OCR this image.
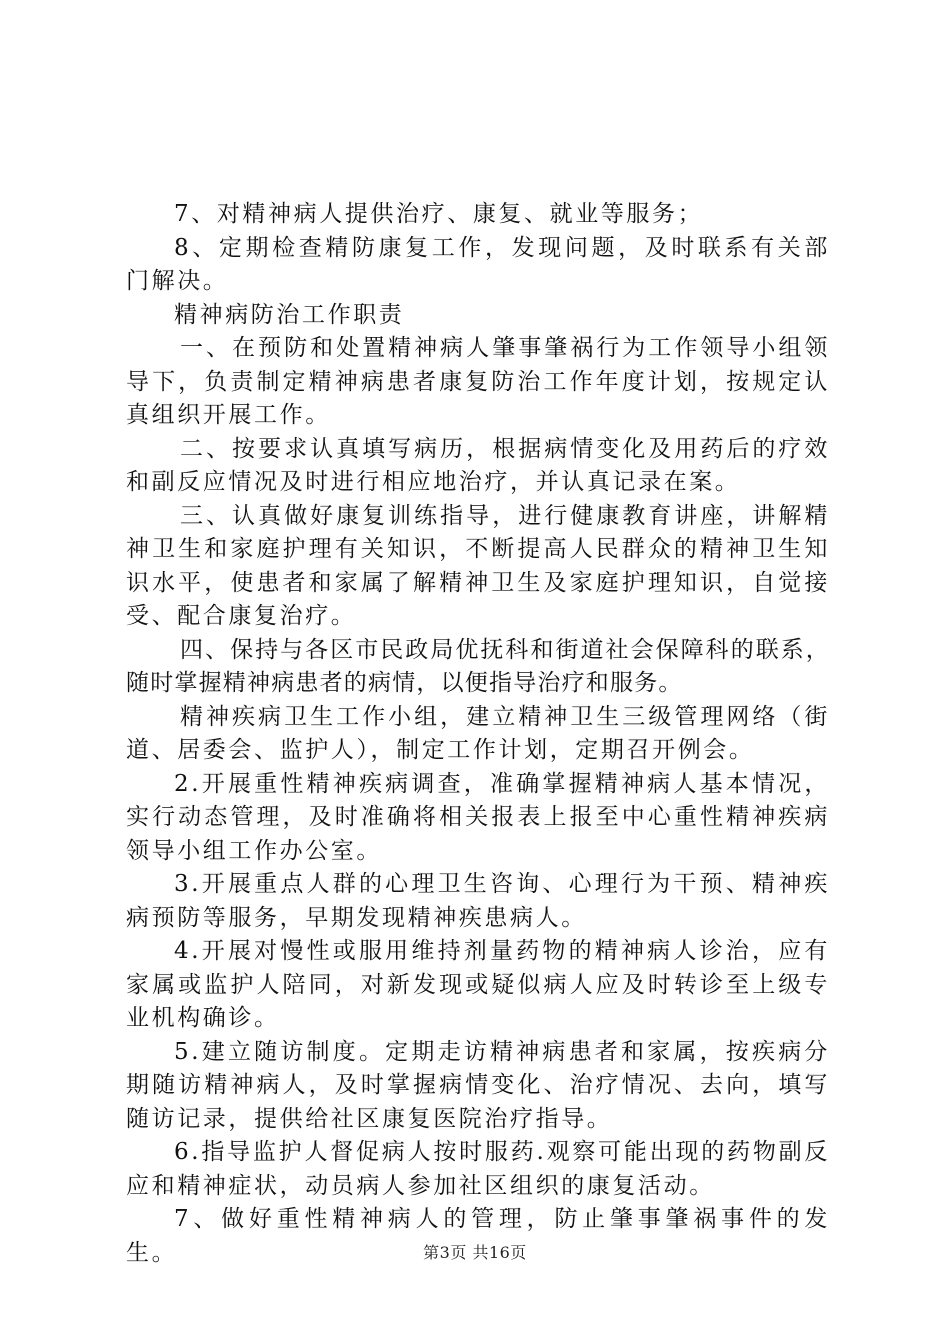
7、对精神病人提供治疗、康复、就业等服务；

8、定期检查精防康复工作，发现问题，及时联系有关部门解决。

精神病防治工作职责

一、在预防和处置精神病人肇事肇祸行为工作领导小组领导下，负责制定精神病患者康复防治工作年度计划，按规定认真组织开展工作。

二、按要求认真填写病历，根据病情变化及用药后的疗效和副反应情况及时进行相应地治疗，并认真记录在案。

三、认真做好康复训练指导，进行健康教育讲座，讲解精神卫生和家庭护理有关知识，不断提高人民群众的精神卫生知识水平，使患者和家属了解精神卫生及家庭护理知识，自觉接受、配合康复治疗。

四、保持与各区市民政局优抚科和街道社会保障科的联系，随时掌握精神病患者的病情，以便指导治疗和服务。

精神疾病卫生工作小组，建立精神卫生三级管理网络（街道、居委会、监护人），制定工作计划，定期召开例会。

2.开展重性精神疾病调查，准确掌握精神病人基本情况，实行动态管理，及时准确将相关报表上报至中心重性精神疾病领导小组工作办公室。

3.开展重点人群的心理卫生咨询、心理行为干预、精神疾病预防等服务，早期发现精神疾患病人。

4.开展对慢性或服用维持剂量药物的精神病人诊治，应有家属或监护人陪同，对新发现或疑似病人应及时转诊至上级专业机构确诊。

5.建立随访制度。定期走访精神病患者和家属，按疾病分期随访精神病人，及时掌握病情变化、治疗情况、去向，填写随访记录，提供给社区康复医院治疗指导。

6.指导监护人督促病人按时服药.观察可能出现的药物副反应和精神症状，动员病人参加社区组织的康复活动。

7、做好重性精神病人的管理，防止肇事肇祸事件的发生。	第3页 共16页
